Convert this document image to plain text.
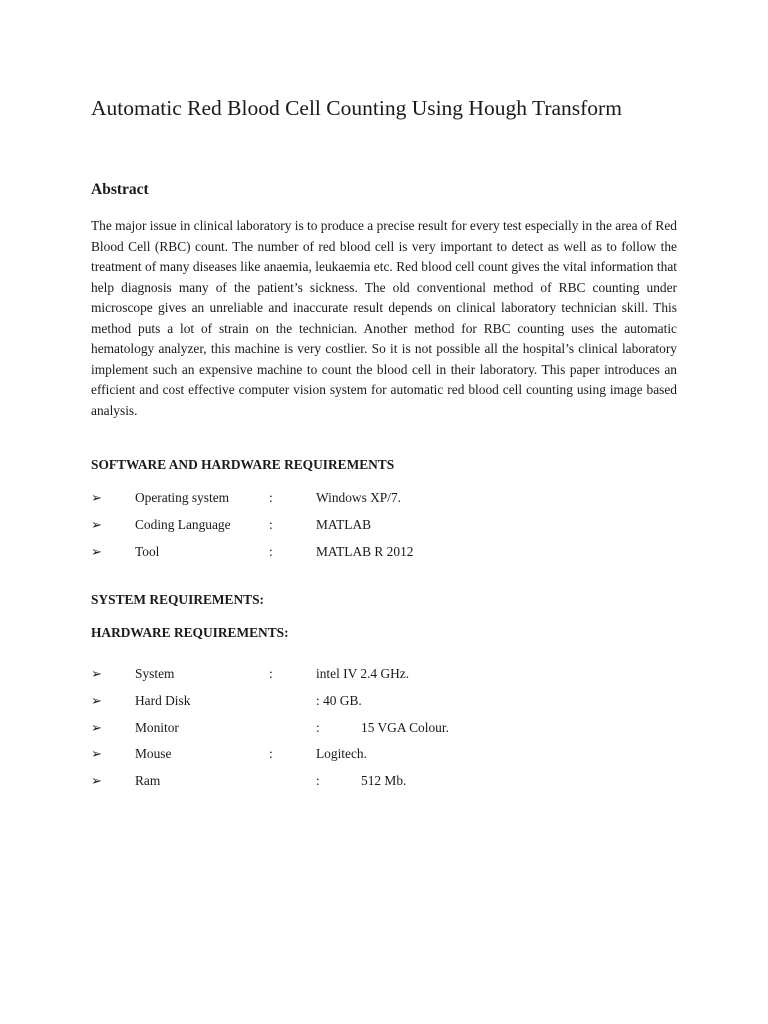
Automatic Red Blood Cell Counting Using Hough Transform
Abstract

The major issue in clinical laboratory is to produce a precise result for every test especially in the area of Red Blood Cell (RBC) count. The number of red blood cell is very important to detect as well as to follow the treatment of many diseases like anaemia, leukaemia etc. Red blood cell count gives the vital information that help diagnosis many of the patient’s sickness. The old conventional method of RBC counting under microscope gives an unreliable and inaccurate result depends on clinical laboratory technician skill. This method puts a lot of strain on the technician. Another method for RBC counting uses the automatic hematology analyzer, this machine is very costlier. So it is not possible all the hospital’s clinical laboratory implement such an expensive machine to count the blood cell in their laboratory. This paper introduces an efficient and cost effective computer vision system for automatic red blood cell counting using image based analysis.

SOFTWARE AND HARDWARE REQUIREMENTS
➢ Operating system	:	Windows XP/7.
➢ Coding Language	:	MATLAB
➢ Tool	:	MATLAB R 2012
SYSTEM REQUIREMENTS:
HARDWARE REQUIREMENTS:
➢ System	:	intel IV 2.4 GHz.
➢ Hard Disk	: 40 GB.
➢ Monitor	:	15 VGA Colour.
➢ Mouse	:	Logitech.
➢ Ram	:	512 Mb.
